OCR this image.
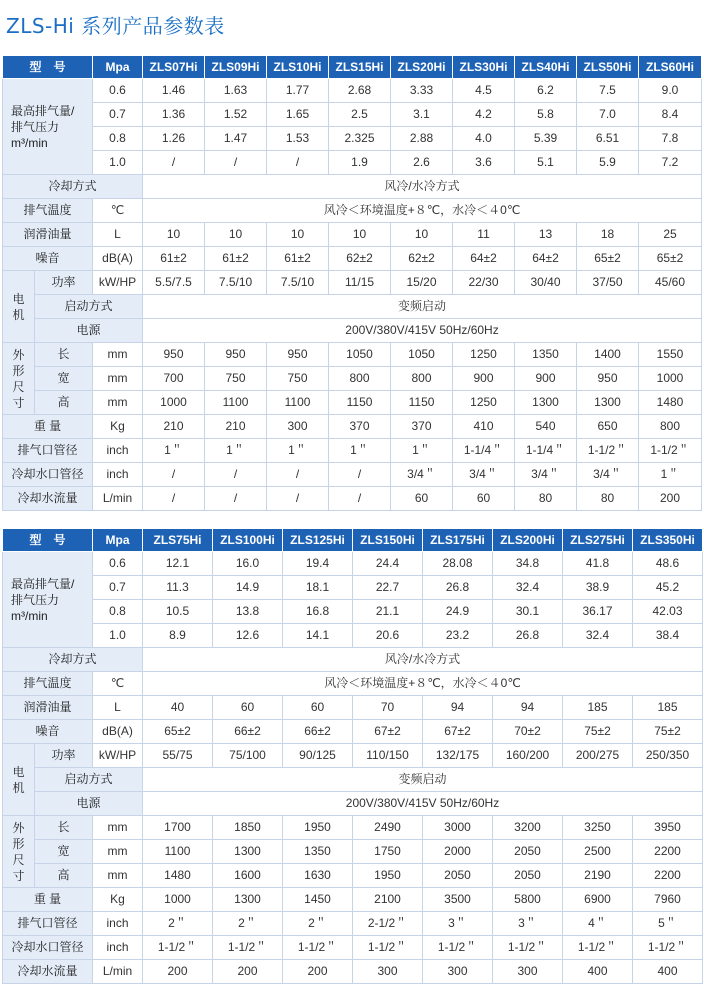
ZLS-Hi 系列产品参数表
型　号		Mpa	ZLS07Hi	ZLS09Hi	ZLS10Hi	ZLS15Hi	ZLS20Hi	ZLS30Hi	ZLS40Hi	ZLS50Hi	ZLS60Hi
最高排气量/
排气压力
m³/min		0.6	1.46	1.63	1.77	2.68	3.33	4.5	6.2	7.5	9.0
		0.7	1.36	1.52	1.65	2.5	3.1	4.2	5.8	7.0	8.4
		0.8	1.26	1.47	1.53	2.325	2.88	4.0	5.39	6.51	7.8
		1.0	/	/	/	1.9	2.6	3.6	5.1	5.9	7.2
冷却方式			风冷/水冷方式								
排气温度		℃	风冷＜环境温度+８℃，水冷＜４0℃								
润滑油量		L	10	10	10	10	10	11	13	18	25
噪音		dB(A)	61±2	61±2	61±2	62±2	62±2	64±2	64±2	65±2	65±2
电
机	功率	kW/HP	5.5/7.5	7.5/10	7.5/10	11/15	15/20	22/30	30/40	37/50	45/60
	启动方式		变频启动								
	电源		200V/380V/415V 50Hz/60Hz								
外
形
尺
寸	长	mm	950	950	950	1050	1050	1250	1350	1400	1550
	宽	mm	700	750	750	800	800	900	900	950	1000
	高	mm	1000	1100	1100	1150	1150	1250	1300	1300	1480
重 量		Kg	210	210	300	370	370	410	540	650	800
排气口管径		inch	1＂	1＂	1＂	1＂	1＂	1-1/4＂	1-1/4＂	1-1/2＂	1-1/2＂
冷却水口管径		inch	/	/	/	/	3/4＂	3/4＂	3/4＂	3/4＂	1＂
冷却水流量		L/min	/	/	/	/	60	60	80	80	200
型　号		Mpa	ZLS75Hi	ZLS100Hi	ZLS125Hi	ZLS150Hi	ZLS175Hi	ZLS200Hi	ZLS275Hi	ZLS350Hi
最高排气量/
排气压力
m³/min		0.6	12.1	16.0	19.4	24.4	28.08	34.8	41.8	48.6
		0.7	11.3	14.9	18.1	22.7	26.8	32.4	38.9	45.2
		0.8	10.5	13.8	16.8	21.1	24.9	30.1	36.17	42.03
		1.0	8.9	12.6	14.1	20.6	23.2	26.8	32.4	38.4
冷却方式			风冷/水冷方式							
排气温度		℃	风冷＜环境温度+８℃，水冷＜４0℃							
润滑油量		L	40	60	60	70	94	94	185	185
噪音		dB(A)	65±2	66±2	66±2	67±2	67±2	70±2	75±2	75±2
电
机	功率	kW/HP	55/75	75/100	90/125	110/150	132/175	160/200	200/275	250/350
	启动方式		变频启动							
	电源		200V/380V/415V 50Hz/60Hz							
外
形
尺
寸	长	mm	1700	1850	1950	2490	3000	3200	3250	3950
	宽	mm	1100	1300	1350	1750	2000	2050	2500	2200
	高	mm	1480	1600	1630	1950	2050	2050	2190	2200
重 量		Kg	1000	1300	1450	2100	3500	5800	6900	7960
排气口管径		inch	2＂	2＂	2＂	2-1/2＂	3＂	3＂	4＂	5＂
冷却水口管径		inch	1-1/2＂	1-1/2＂	1-1/2＂	1-1/2＂	1-1/2＂	1-1/2＂	1-1/2＂	1-1/2＂
冷却水流量		L/min	200	200	200	300	300	300	400	400
